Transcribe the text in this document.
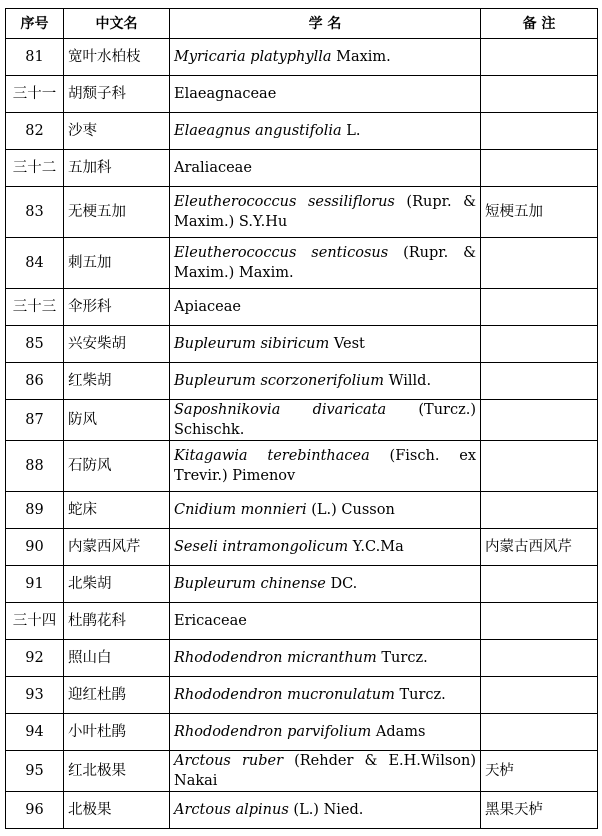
序号	中文名	学 名	备 注
81	宽叶水柏枝	Myricaria platyphylla Maxim.	
三十一	胡颓子科	Elaeagnaceae	
82	沙枣	Elaeagnus angustifolia L.	
三十二	五加科	Araliaceae	
83	无梗五加	Eleutherococcus sessiliflorus (Rupr. & Maxim.) S.Y.Hu	短梗五加
84	刺五加	Eleutherococcus senticosus (Rupr. & Maxim.) Maxim.	
三十三	伞形科	Apiaceae	
85	兴安柴胡	Bupleurum sibiricum Vest	
86	红柴胡	Bupleurum scorzonerifolium Willd.	
87	防风	Saposhnikovia divaricata (Turcz.) Schischk.	
88	石防风	Kitagawia terebinthacea (Fisch. ex Trevir.) Pimenov	
89	蛇床	Cnidium monnieri (L.) Cusson	
90	内蒙西风芹	Seseli intramongolicum Y.C.Ma	内蒙古西风芹
91	北柴胡	Bupleurum chinense DC.	
三十四	杜鹃花科	Ericaceae	
92	照山白	Rhododendron micranthum Turcz.	
93	迎红杜鹃	Rhododendron mucronulatum Turcz.	
94	小叶杜鹃	Rhododendron parvifolium Adams	
95	红北极果	Arctous ruber (Rehder & E.H.Wilson) Nakai	天栌
96	北极果	Arctous alpinus (L.) Nied.	黑果天栌
